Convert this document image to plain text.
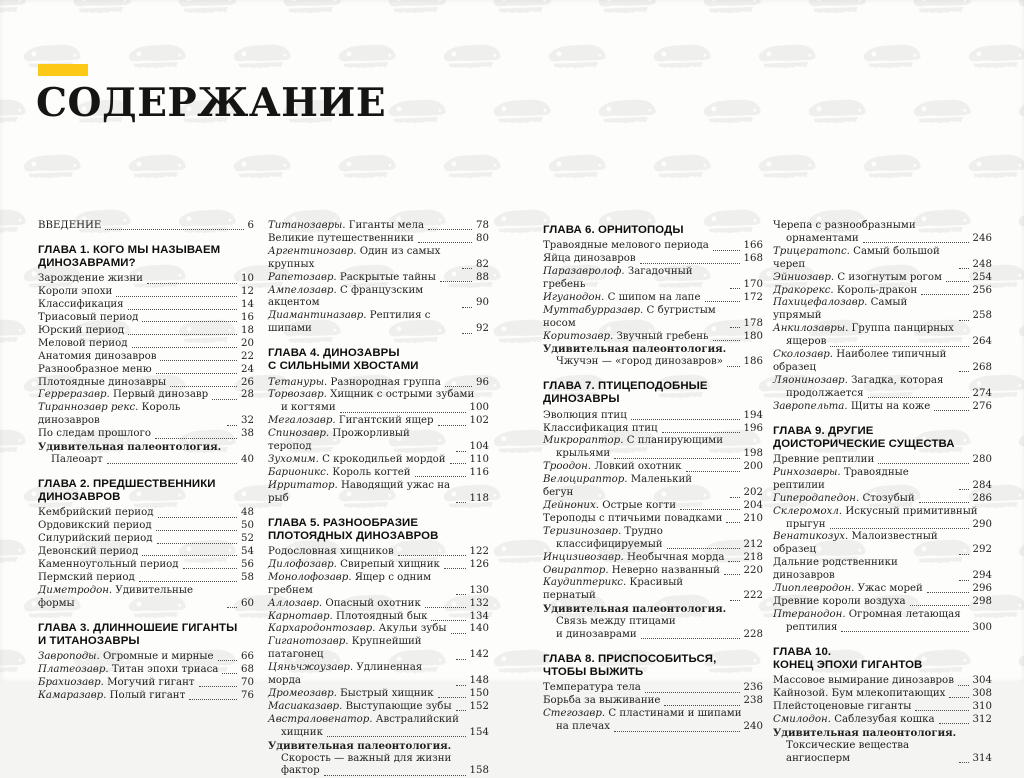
СОДЕРЖАНИЕ
ВВЕДЕНИЕ	6
ГЛАВА 1. КОГО МЫ НАЗЫВАЕМ
ДИНОЗАВРАМИ?
Зарождение жизни	10
Короли эпохи	12
Классификация	14
Триасовый период	16
Юрский период	18
Меловой период	20
Анатомия динозавров	22
Разнообразное меню	24
Плотоядные динозавры	26
Герреразавр. Первый динозавр	28
Тираннозавр рекс. Король динозавров	32
По следам прошлого	38
Удивительная палеонтология.
Палеоарт	40
ГЛАВА 2. ПРЕДШЕСТВЕННИКИ
ДИНОЗАВРОВ
Кембрийский период	48
Ордовикский период	50
Силурийский период	52
Девонский период	54
Каменноугольный период	56
Пермский период	58
Диметродон. Удивительные формы	60
ГЛАВА 3. ДЛИННОШЕИЕ ГИГАНТЫ
И ТИТАНОЗАВРЫ
Завроподы. Огромные и мирные	66
Платеозавр. Титан эпохи триаса 68
Брахиозавр. Могучий гигант	70
Камаразавр. Полый гигант	76
Титанозавры. Гиганты мела	78
Великие путешественники	80
Аргентинозавр. Один из самых крупных	82
Рапетозавр. Раскрытые тайны	88
Ампелозавр. С французским акцентом	90
Диамантиназавр. Рептилия с шипами	92
ГЛАВА 4. ДИНОЗАВРЫ
С СИЛЬНЫМИ ХВОСТАМИ
Тетануры. Разнородная группа	96
Торвозавр. Хищник с острыми зубами
и когтями	100
Мегалозавр. Гигантский ящер	102
Спинозавр. Прожорливый теропод	104
Зухомим. С крокодильей мордой 110
Барионикс. Король когтей	116
Ирритатор. Наводящий ужас на рыб	118
ГЛАВА 5. РАЗНООБРАЗИЕ
ПЛОТОЯДНЫХ ДИНОЗАВРОВ
Родословная хищников	122
Дилофозавр. Свирепый хищник	126
Монолофозавр. Ящер с одним гребнем	130
Аллозавр. Опасный охотник	132
Карнотавр. Плотоядный бык	134
Кархародонтозавр. Акульи зубы 140
Гиганотозавр. Крупнейший патагонец	142
Цяньчжоузавр. Удлиненная морда	148
Дромеозавр. Быстрый хищник	150
Масиаказавр. Выступающие зубы 152
Австраловенатор. Австралийский
хищник	154
Удивительная палеонтология.
Скорость — важный для жизни
фактор	158
ГЛАВА 6. ОРНИТОПОДЫ
Травоядные мелового периода	166
Яйца динозавров	168
Паразавролоф. Загадочный гребень	170
Игуанодон. С шипом на лапе	172
Муттабурразавр. С бугристым носом	178
Коритозавр. Звучный гребень	180
Удивительная палеонтология.
Чжучэн — «город динозавров» 186
ГЛАВА 7. ПТИЦЕПОДОБНЫЕ
ДИНОЗАВРЫ
Эволюция птиц	194
Классификация птиц	196
Микрораптор. С планирующими
крыльями	198
Троодон. Ловкий охотник	200
Велоцираптор. Маленький бегун	202
Дейноних. Острые когти	204
Тероподы с птичьими повадками 210
Теризинозавр. Трудно
классифицируемый	212
Инцизивозавр. Необычная морда 218
Овираптор. Неверно названный 220
Каудиптерикс. Красивый пернатый	222
Удивительная палеонтология.
Связь между птицами
и динозаврами	228
ГЛАВА 8. ПРИСПОСОБИТЬСЯ,
ЧТОБЫ ВЫЖИТЬ
Температура тела	236
Борьба за выживание	238
Стегозавр. С пластинами и шипами
на плечах	240
Черепа с разнообразными
орнаментами	246
Трицератопс. Самый большой череп	248
Эйниозавр. С изогнутым рогом	254
Дракорекс. Король-дракон	256
Пахицефалозавр. Самый упрямый	258
Анкилозавры. Группа панцирных
ящеров	264
Сколозавр. Наиболее типичный образец	268
Ляонинозавр. Загадка, которая
продолжается	274
Завропельта. Щиты на коже	276
ГЛАВА 9. ДРУГИЕ
ДОИСТОРИЧЕСКИЕ СУЩЕСТВА
Древние рептилии	280
Ринхозавры. Травоядные рептилии	284
Гиперодапедон. Стозубый	286
Склеромохл. Искусный примитивный
прыгун	290
Венатикозух. Малоизвестный образец	292
Дальние родственники динозавров	294
Лиоплевродон. Ужас морей	296
Древние короли воздуха	298
Птеранодон. Огромная летающая
рептилия	300
ГЛАВА 10.
КОНЕЦ ЭПОХИ ГИГАНТОВ
Массовое вымирание динозавров 304
Кайнозой. Бум млекопитающих	308
Плейстоценовые гиганты	310
Смилодон. Саблезубая кошка	312
Удивительная палеонтология.
Токсические вещества ангиосперм	314
